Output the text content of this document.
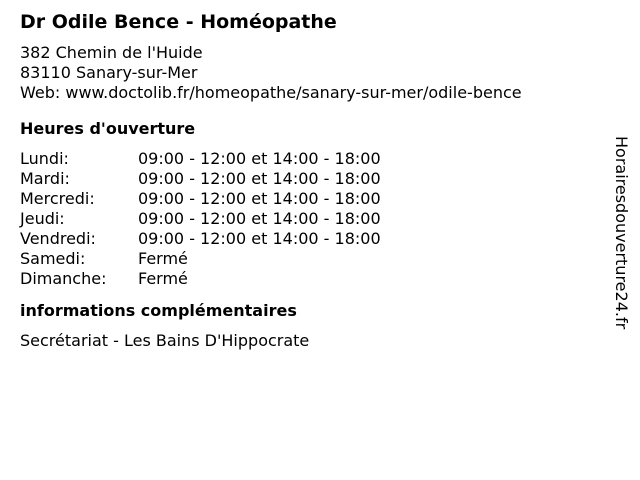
Dr Odile Bence - Homéopathe
382 Chemin de l'Huide
83110 Sanary-sur-Mer
Web: www.doctolib.fr/homeopathe/sanary-sur-mer/odile-bence
Heures d'ouverture
Lundi:	09:00 - 12:00 et 14:00 - 18:00
Mardi:	09:00 - 12:00 et 14:00 - 18:00
Mercredi:	09:00 - 12:00 et 14:00 - 18:00
Jeudi:	09:00 - 12:00 et 14:00 - 18:00
Vendredi:	09:00 - 12:00 et 14:00 - 18:00
Samedi:	Fermé
Dimanche:	Fermé
informations complémentaires
Secrétariat - Les Bains D'Hippocrate
Horairesdouverture24.fr
